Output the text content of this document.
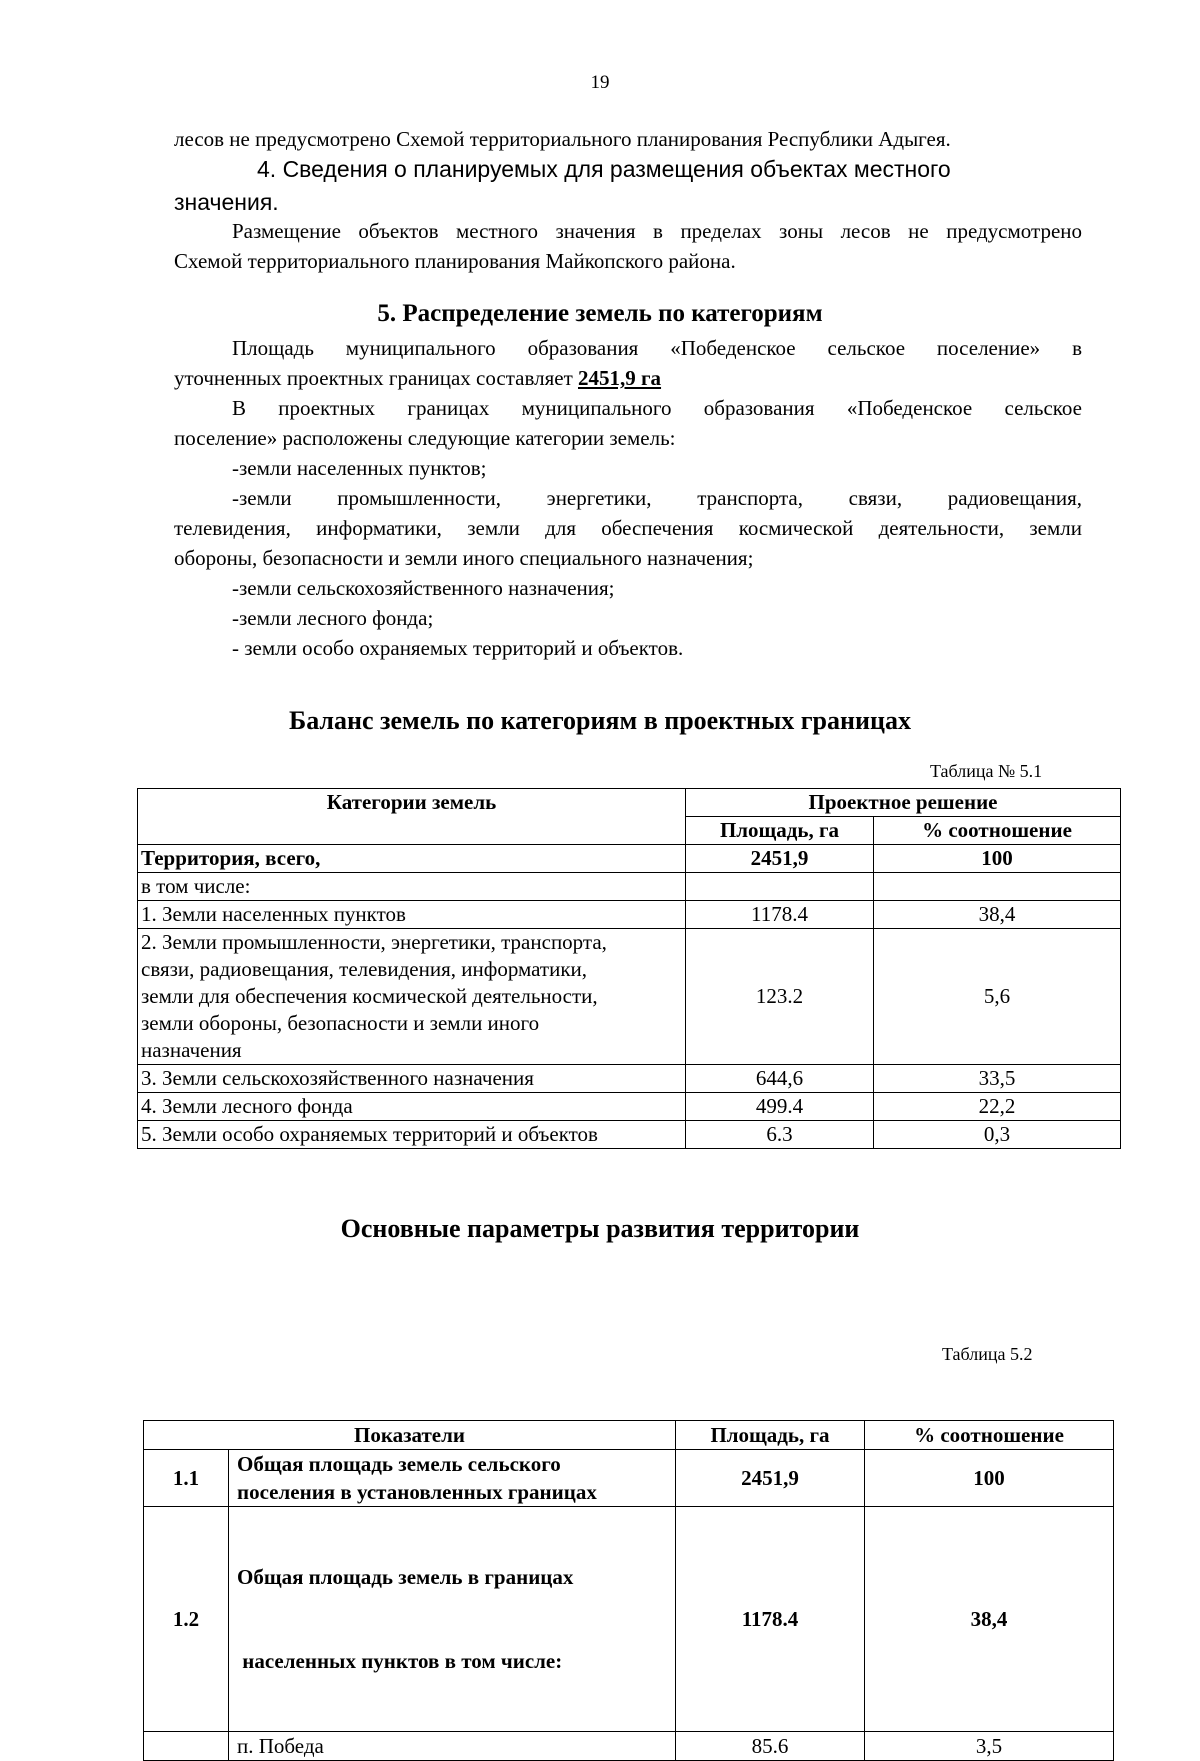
19
лесов не предусмотрено Схемой территориального планирования Республики Адыгея.
4. Сведения о планируемых для размещения объектах местного
значения.
Размещение объектов местного значения в пределах зоны лесов не предусмотрено
Схемой территориального планирования Майкопского района.
5. Распределение земель по категориям
Площадь муниципального образования «Победенское сельское поселение» в
уточненных проектных границах составляет 2451,9 га
В проектных границах муниципального образования «Победенское сельское
поселение» расположены следующие категории земель:
-земли населенных пунктов;
-земли промышленности, энергетики, транспорта, связи, радиовещания,
телевидения, информатики, земли для обеспечения космической деятельности, земли
обороны, безопасности и земли иного специального назначения;
-земли сельскохозяйственного назначения;
-земли лесного фонда;
- земли особо охраняемых территорий и объектов.
Баланс земель по категориям в проектных границах
Таблица № 5.1
Категории земель	Проектное решение	
	Площадь, га	% соотношение
Территория, всего,	2451,9	100
в том числе:		
1. Земли населенных пунктов	1178.4	38,4

2. Земли промышленности, энергетики, транспорта,
связи, радиовещания, телевидения, информатики,
земли для обеспечения космической деятельности,
земли обороны, безопасности и земли иного
назначения	123.2	5,6
3. Земли сельскохозяйственного назначения	644,6	33,5
4. Земли лесного фонда	499.4	22,2
5. Земли особо охраняемых территорий и объектов	6.3	0,3
Основные параметры развития территории
Таблица 5.2
Показатели		Площадь, га	% соотношение
1.1	Общая площадь земель сельского
поселения в установленных границах	2451,9	100
1.2	Общая площадь земель в границах

населенных пунктов в том числе:	1178.4	38,4
	п. Победа	85.6	3,5
